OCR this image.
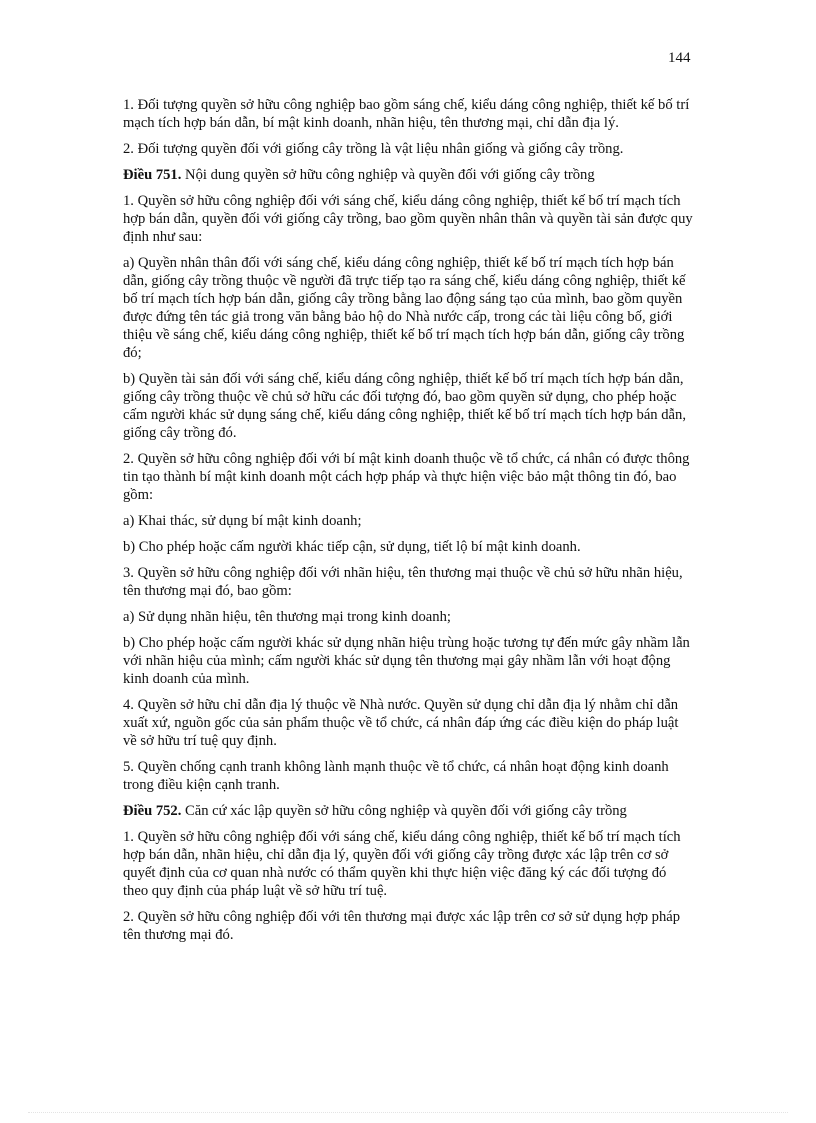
144

1. Đối tượng quyền sở hữu công nghiệp bao gồm sáng chế, kiểu dáng công nghiệp, thiết kế bố trí mạch tích hợp bán dẫn, bí mật kinh doanh, nhãn hiệu, tên thương mại, chỉ dẫn địa lý.

2. Đối tượng quyền đối với giống cây trồng là vật liệu nhân giống và giống cây trồng.

Điều 751. Nội dung quyền sở hữu công nghiệp và quyền đối với giống cây trồng

1. Quyền sở hữu công nghiệp đối với sáng chế, kiểu dáng công nghiệp, thiết kế bố trí mạch tích hợp bán dẫn, quyền đối với giống cây trồng, bao gồm quyền nhân thân và quyền tài sản được quy định như sau:

a) Quyền nhân thân đối với sáng chế, kiểu dáng công nghiệp, thiết kế bố trí mạch tích hợp bán dẫn, giống cây trồng thuộc về người đã trực tiếp tạo ra sáng chế, kiểu dáng công nghiệp, thiết kế bố trí mạch tích hợp bán dẫn, giống cây trồng bằng lao động sáng tạo của mình, bao gồm quyền được đứng tên tác giả trong văn bằng bảo hộ do Nhà nước cấp, trong các tài liệu công bố, giới thiệu về sáng chế, kiểu dáng công nghiệp, thiết kế bố trí mạch tích hợp bán dẫn, giống cây trồng đó;

b) Quyền tài sản đối với sáng chế, kiểu dáng công nghiệp, thiết kế bố trí mạch tích hợp bán dẫn, giống cây trồng thuộc về chủ sở hữu các đối tượng đó, bao gồm quyền sử dụng, cho phép hoặc cấm người khác sử dụng sáng chế, kiểu dáng công nghiệp, thiết kế bố trí mạch tích hợp bán dẫn, giống cây trồng đó.

2. Quyền sở hữu công nghiệp đối với bí mật kinh doanh thuộc về tổ chức, cá nhân có được thông tin tạo thành bí mật kinh doanh một cách hợp pháp và thực hiện việc bảo mật thông tin đó, bao gồm:

a) Khai thác, sử dụng bí mật kinh doanh;

b) Cho phép hoặc cấm người khác tiếp cận, sử dụng, tiết lộ bí mật kinh doanh.

3. Quyền sở hữu công nghiệp đối với nhãn hiệu, tên thương mại thuộc về chủ sở hữu nhãn hiệu, tên thương mại đó, bao gồm:

a) Sử dụng nhãn hiệu, tên thương mại trong kinh doanh;

b) Cho phép hoặc cấm người khác sử dụng nhãn hiệu trùng hoặc tương tự đến mức gây nhầm lẫn với nhãn hiệu của mình; cấm người khác sử dụng tên thương mại gây nhầm lẫn với hoạt động kinh doanh của mình.

4. Quyền sở hữu chỉ dẫn địa lý thuộc về Nhà nước. Quyền sử dụng chỉ dẫn địa lý nhằm chỉ dẫn xuất xứ, nguồn gốc của sản phẩm thuộc về tổ chức, cá nhân đáp ứng các điều kiện do pháp luật về sở hữu trí tuệ quy định.

5. Quyền chống cạnh tranh không lành mạnh thuộc về tổ chức, cá nhân hoạt động kinh doanh trong điều kiện cạnh tranh.

Điều 752. Căn cứ xác lập quyền sở hữu công nghiệp và quyền đối với giống cây trồng

1. Quyền sở hữu công nghiệp đối với sáng chế, kiểu dáng công nghiệp, thiết kế bố trí mạch tích hợp bán dẫn, nhãn hiệu, chỉ dẫn địa lý, quyền đối với giống cây trồng được xác lập trên cơ sở quyết định của cơ quan nhà nước có thẩm quyền khi thực hiện việc đăng ký các đối tượng đó theo quy định của pháp luật về sở hữu trí tuệ.

2. Quyền sở hữu công nghiệp đối với tên thương mại được xác lập trên cơ sở sử dụng hợp pháp tên thương mại đó.
